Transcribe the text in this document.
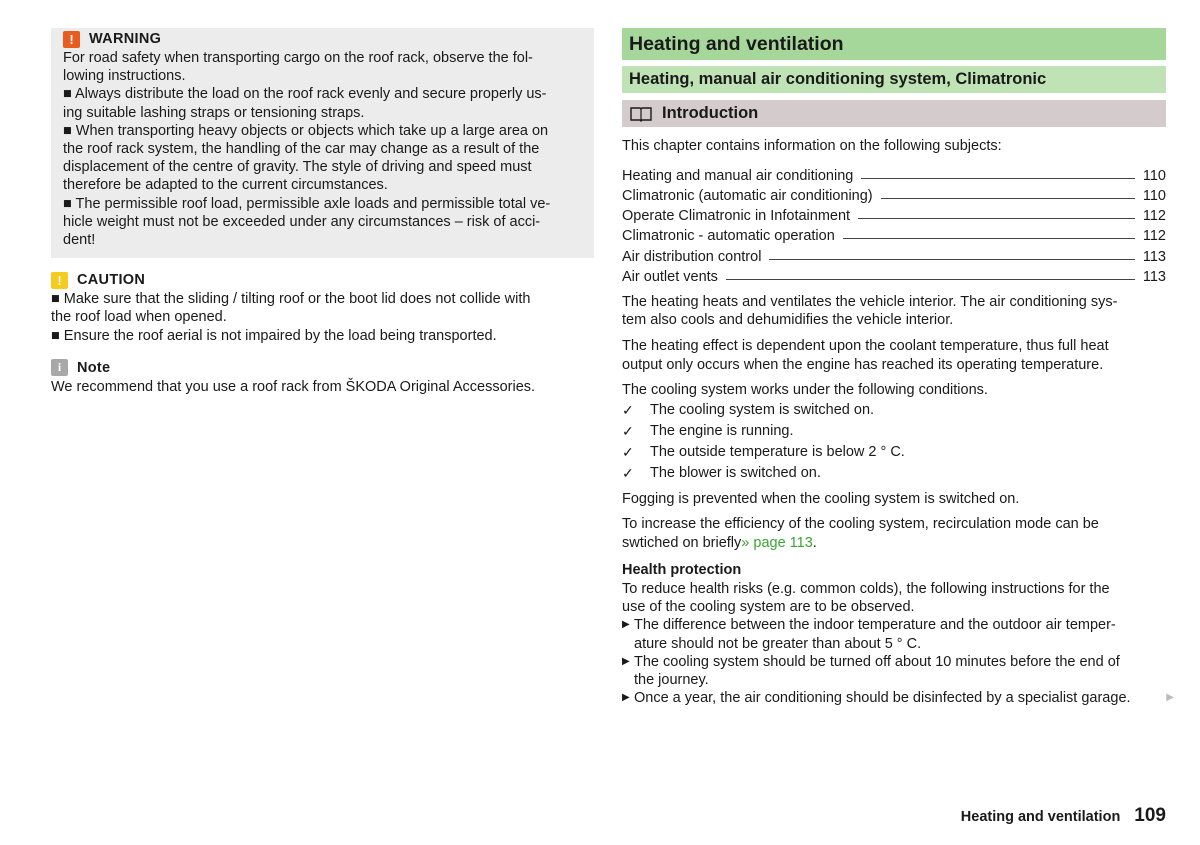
!	WARNING

For road safety when transporting cargo on the roof rack, observe the fol-

lowing instructions.

■ Always distribute the load on the roof rack evenly and secure properly us-

ing suitable lashing straps or tensioning straps.

■ When transporting heavy objects or objects which take up a large area on

the roof rack system, the handling of the car may change as a result of the

displacement of the centre of gravity. The style of driving and speed must

therefore be adapted to the current circumstances.

■ The permissible roof load, permissible axle loads and permissible total ve-

hicle weight must not be exceeded under any circumstances – risk of acci-

dent!

!	CAUTION

■ Make sure that the sliding / tilting roof or the boot lid does not collide with

the roof load when opened.

■ Ensure the roof aerial is not impaired by the load being transported.

i	Note

We recommend that you use a roof rack from ŠKODA Original Accessories.

Heating and ventilation
Heating, manual air conditioning system, Climatronic
Introduction

This chapter contains information on the following subjects:

Heating and manual air conditioning	110
Climatronic (automatic air conditioning)	110
Operate Climatronic in Infotainment	112
Climatronic - automatic operation	112
Air distribution control	113
Air outlet vents	113

The heating heats and ventilates the vehicle interior. The air conditioning sys-

tem also cools and dehumidifies the vehicle interior.

The heating effect is dependent upon the coolant temperature, thus full heat

output only occurs when the engine has reached its operating temperature.

The cooling system works under the following conditions.

✓	The cooling system is switched on.
✓	The engine is running.
✓	The outside temperature is below 2 ° C.
✓	The blower is switched on.

Fogging is prevented when the cooling system is switched on.

To increase the efficiency of the cooling system, recirculation mode can be

swtiched on briefly» page 113.

Health protection

To reduce health risks (e.g. common colds), the following instructions for the

use of the cooling system are to be observed.

▶ The difference between the indoor temperature and the outdoor air temper-
ature should not be greater than about 5 ° C.
▶ The cooling system should be turned off about 10 minutes before the end of
the journey.
▶ Once a year, the air conditioning should be disinfected by a specialist garage.	▶
Heating and ventilation 109
